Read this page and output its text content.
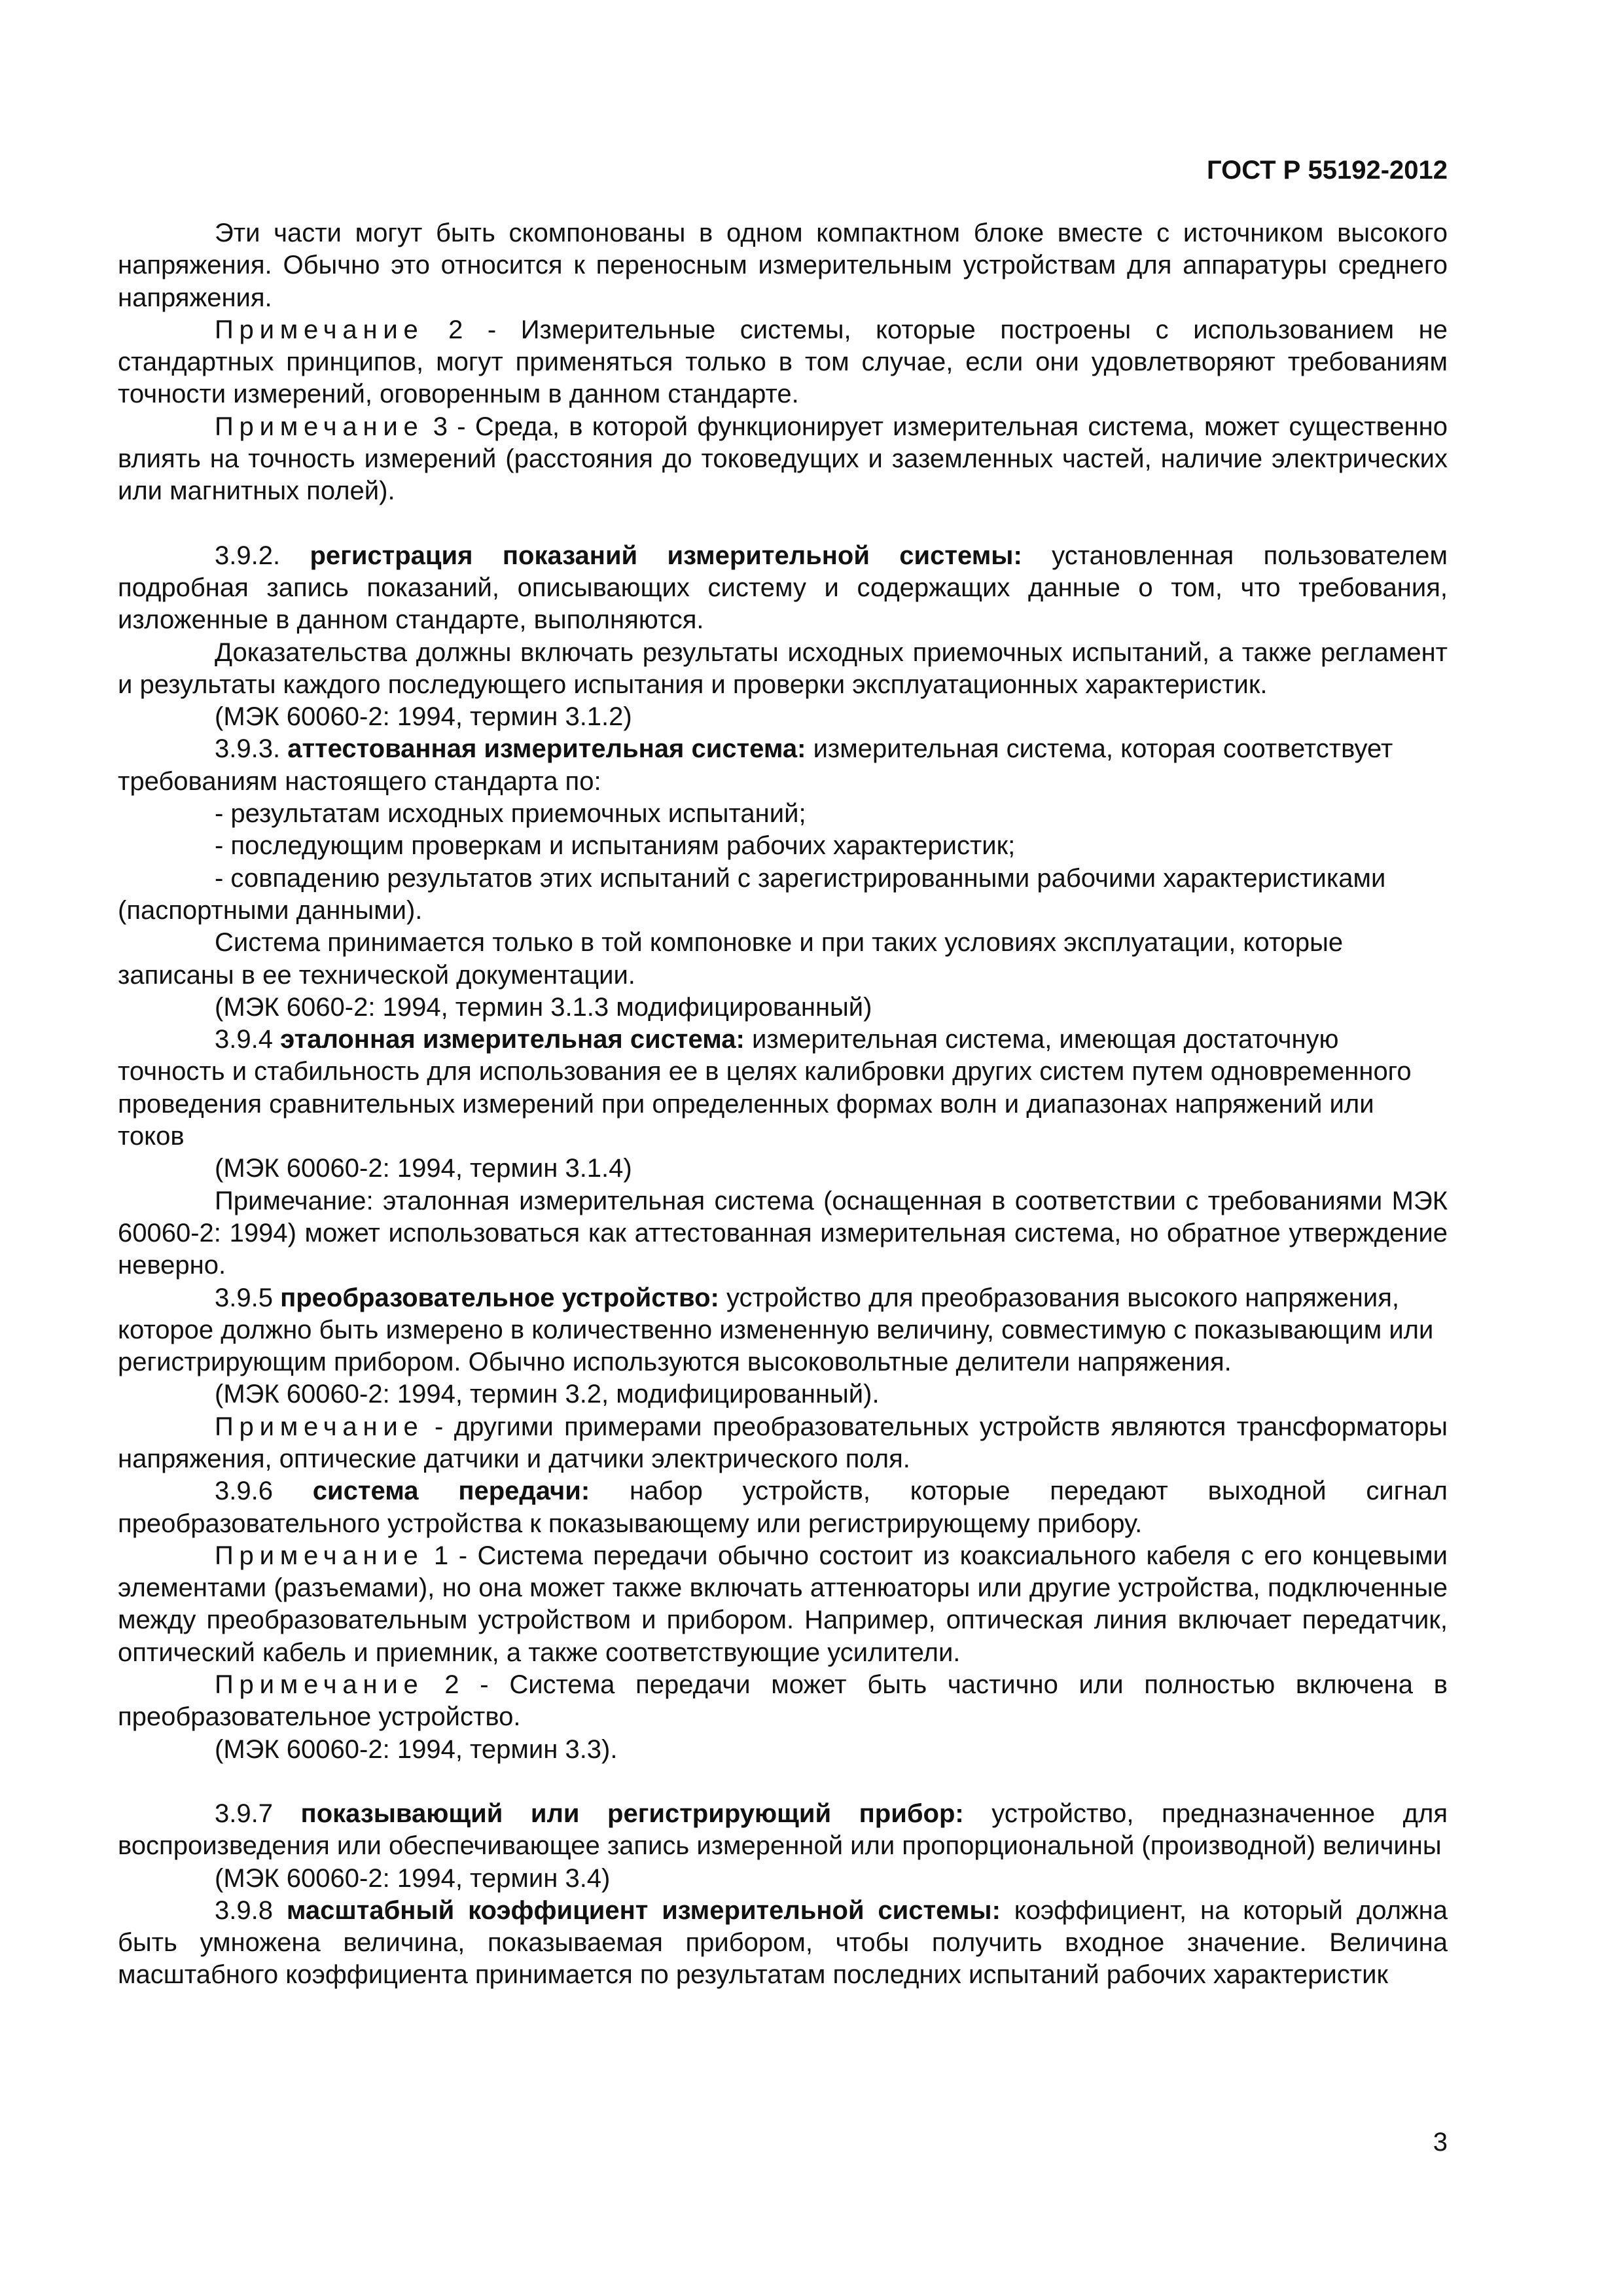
ГОСТ Р 55192-2012

Эти части могут быть скомпонованы в одном компактном блоке вместе с источником высокого напряжения. Обычно это относится к переносным измерительным устройствам для аппаратуры среднего напряжения.

Примечание 2 - Измерительные системы, которые построены с использованием не стандартных принципов, могут применяться только в том случае, если они удовлетворяют требованиям точности измерений, оговоренным в данном стандарте.

Примечание 3 - Среда, в которой функционирует измерительная система, может существенно влиять на точность измерений (расстояния до токоведущих и заземленных частей, наличие электрических или магнитных полей).

3.9.2. регистрация показаний измерительной системы: установленная пользователем подробная запись показаний, описывающих систему и содержащих данные о том, что требования, изложенные в данном стандарте, выполняются.

Доказательства должны включать результаты исходных приемочных испытаний, а также регламент и результаты каждого последующего испытания и проверки эксплуатационных характеристик.

(МЭК 60060-2: 1994, термин 3.1.2)

3.9.3. аттестованная измерительная система: измерительная система, которая соответствует требованиям настоящего стандарта по:

- результатам исходных приемочных испытаний;

- последующим проверкам и испытаниям рабочих характеристик;

- совпадению результатов этих испытаний с зарегистрированными рабочими характеристиками (паспортными данными).

Система принимается только в той компоновке и при таких условиях эксплуатации, которые записаны в ее технической документации.

(МЭК 6060-2: 1994, термин 3.1.3 модифицированный)

3.9.4 эталонная измерительная система: измерительная система, имеющая достаточную точность и стабильность для использования ее в целях калибровки других систем путем одновременного проведения сравнительных измерений при определенных формах волн и диапазонах напряжений или токов

(МЭК 60060-2: 1994, термин 3.1.4)

Примечание: эталонная измерительная система (оснащенная в соответствии с требованиями МЭК 60060-2: 1994) может использоваться как аттестованная измерительная система, но обратное утверждение неверно.

3.9.5 преобразовательное устройство: устройство для преобразования высокого напряжения, которое должно быть измерено в количественно измененную величину, совместимую с показывающим или регистрирующим прибором. Обычно используются высоковольтные делители напряжения.

(МЭК 60060-2: 1994, термин 3.2, модифицированный).

Примечание - другими примерами преобразовательных устройств являются трансформаторы напряжения, оптические датчики и датчики электрического поля.

3.9.6 система передачи: набор устройств, которые передают выходной сигнал преобразовательного устройства к показывающему или регистрирующему прибору.

Примечание 1 - Система передачи обычно состоит из коаксиального кабеля с его концевыми элементами (разъемами), но она может также включать аттенюаторы или другие устройства, подключенные между преобразовательным устройством и прибором. Например, оптическая линия включает передатчик, оптический кабель и приемник, а также соответствующие усилители.

Примечание 2 - Система передачи может быть частично или полностью включена в преобразовательное устройство.

(МЭК 60060-2: 1994, термин 3.3).

3.9.7 показывающий или регистрирующий прибор: устройство, предназначенное для воспроизведения или обеспечивающее запись измеренной или пропорциональной (производной) величины

(МЭК 60060-2: 1994, термин 3.4)

3.9.8 масштабный коэффициент измерительной системы: коэффициент, на который должна быть умножена величина, показываемая прибором, чтобы получить входное значение. Величина масштабного коэффициента принимается по результатам последних испытаний рабочих характеристик

3
